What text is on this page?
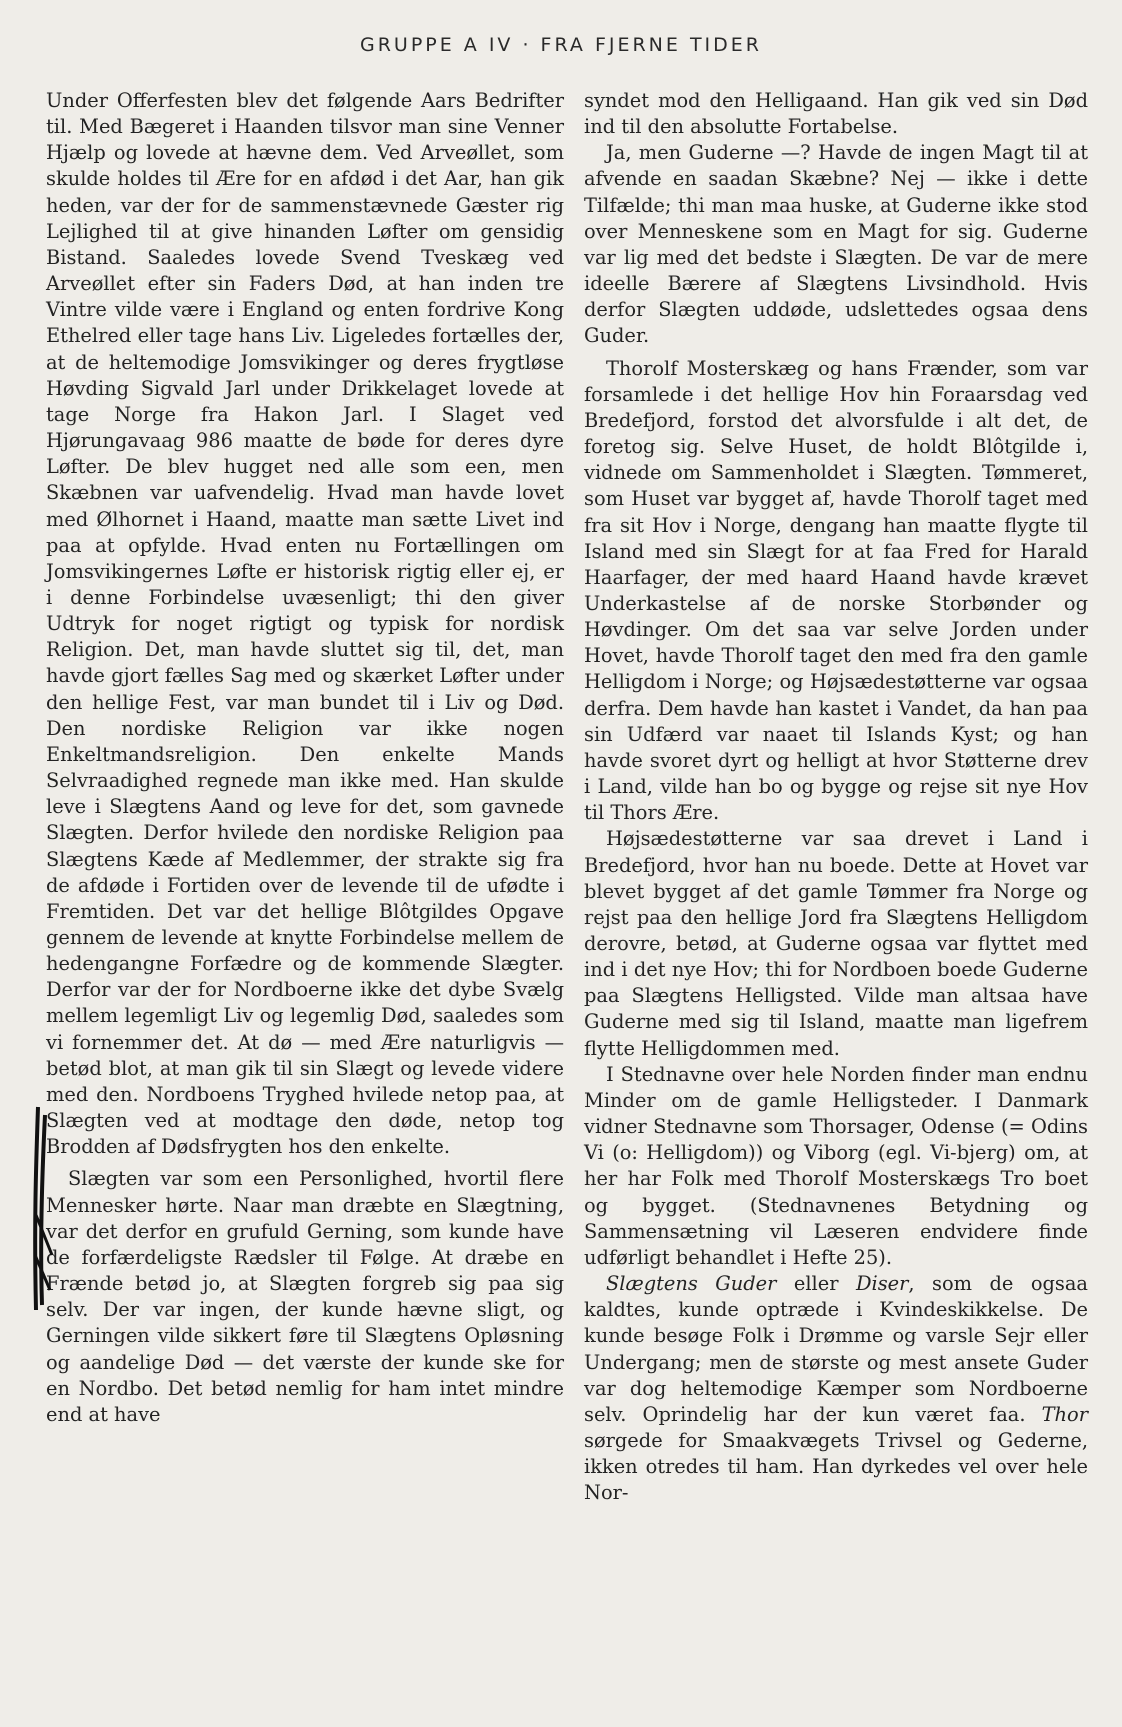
GRUPPE A IV · FRA FJERNE TIDER

Under Offerfesten blev det følgende Aars Bedrifter til. Med Bægeret i Haanden tilsvor man sine Venner Hjælp og lovede at hævne dem. Ved Arveøllet, som skulde holdes til Ære for en afdød i det Aar, han gik heden, var der for de sammenstævnede Gæster rig Lejlighed til at give hinanden Løfter om gensidig Bistand. Saaledes lovede Svend Tveskæg ved Arveøllet efter sin Faders Død, at han inden tre Vintre vilde være i England og enten fordrive Kong Ethelred eller tage hans Liv. Ligeledes fortælles der, at de heltemodige Jomsvikinger og deres frygtløse Høvding Sigvald Jarl under Drikkelaget lovede at tage Norge fra Hakon Jarl. I Slaget ved Hjørungavaag 986 maatte de bøde for deres dyre Løfter. De blev hugget ned alle som een, men Skæbnen var uafvendelig. Hvad man havde lovet med Ølhornet i Haand, maatte man sætte Livet ind paa at opfylde. Hvad enten nu Fortællingen om Jomsvikingernes Løfte er historisk rigtig eller ej, er i denne Forbindelse uvæsenligt; thi den giver Udtryk for noget rigtigt og typisk for nordisk Religion. Det, man havde sluttet sig til, det, man havde gjort fælles Sag med og skærket Løfter under den hellige Fest, var man bundet til i Liv og Død. Den nordiske Religion var ikke nogen Enkeltmandsreligion. Den enkelte Mands Selvraadighed regnede man ikke med. Han skulde leve i Slægtens Aand og leve for det, som gavnede Slægten. Derfor hvilede den nordiske Religion paa Slægtens Kæde af Medlemmer, der strakte sig fra de afdøde i Fortiden over de levende til de ufødte i Fremtiden. Det var det hellige Blôtgildes Opgave gennem de levende at knytte Forbindelse mellem de hedengangne Forfædre og de kommende Slægter. Derfor var der for Nordboerne ikke det dybe Svælg mellem legemligt Liv og legemlig Død, saaledes som vi fornemmer det. At dø — med Ære naturligvis — betød blot, at man gik til sin Slægt og levede videre med den. Nordboens Tryghed hvilede netop paa, at Slægten ved at modtage den døde, netop tog Brodden af Dødsfrygten hos den enkelte.

Slægten var som een Personlighed, hvortil flere Mennesker hørte. Naar man dræbte en Slægtning, var det derfor en grufuld Gerning, som kunde have de forfærdeligste Rædsler til Følge. At dræbe en Frænde betød jo, at Slægten forgreb sig paa sig selv. Der var ingen, der kunde hævne sligt, og Gerningen vilde sikkert føre til Slægtens Opløsning og aandelige Død — det værste der kunde ske for en Nordbo. Det betød nemlig for ham intet mindre end at have

syndet mod den Helligaand. Han gik ved sin Død ind til den absolutte Fortabelse.

Ja, men Guderne —? Havde de ingen Magt til at afvende en saadan Skæbne? Nej — ikke i dette Tilfælde; thi man maa huske, at Guderne ikke stod over Menneskene som en Magt for sig. Guderne var lig med det bedste i Slægten. De var de mere ideelle Bærere af Slægtens Livsindhold. Hvis derfor Slægten uddøde, udslettedes ogsaa dens Guder.

Thorolf Mosterskæg og hans Frænder, som var forsamlede i det hellige Hov hin Foraarsdag ved Bredefjord, forstod det alvorsfulde i alt det, de foretog sig. Selve Huset, de holdt Blôtgilde i, vidnede om Sammenholdet i Slægten. Tømmeret, som Huset var bygget af, havde Thorolf taget med fra sit Hov i Norge, dengang han maatte flygte til Island med sin Slægt for at faa Fred for Harald Haarfager, der med haard Haand havde krævet Underkastelse af de norske Storbønder og Høvdinger. Om det saa var selve Jorden under Hovet, havde Thorolf taget den med fra den gamle Helligdom i Norge; og Højsædestøtterne var ogsaa derfra. Dem havde han kastet i Vandet, da han paa sin Udfærd var naaet til Islands Kyst; og han havde svoret dyrt og helligt at hvor Støtterne drev i Land, vilde han bo og bygge og rejse sit nye Hov til Thors Ære.

Højsædestøtterne var saa drevet i Land i Bredefjord, hvor han nu boede. Dette at Hovet var blevet bygget af det gamle Tømmer fra Norge og rejst paa den hellige Jord fra Slægtens Helligdom derovre, betød, at Guderne ogsaa var flyttet med ind i det nye Hov; thi for Nordboen boede Guderne paa Slægtens Helligsted. Vilde man altsaa have Guderne med sig til Island, maatte man ligefrem flytte Helligdommen med.

I Stednavne over hele Norden finder man endnu Minder om de gamle Helligsteder. I Danmark vidner Stednavne som Thorsager, Odense (= Odins Vi (o: Helligdom)) og Viborg (egl. Vi-bjerg) om, at her har Folk med Thorolf Mosterskægs Tro boet og bygget. (Stednavnenes Betydning og Sammensætning vil Læseren endvidere finde udførligt behandlet i Hefte 25).

Slægtens Guder eller Diser, som de ogsaa kaldtes, kunde optræde i Kvindeskikkelse. De kunde besøge Folk i Drømme og varsle Sejr eller Undergang; men de største og mest ansete Guder var dog heltemodige Kæmper som Nordboerne selv. Oprindelig har der kun været faa. Thor sørgede for Smaakvægets Trivsel og Gederne, ikken otredes til ham. Han dyrkedes vel over hele Nor-
